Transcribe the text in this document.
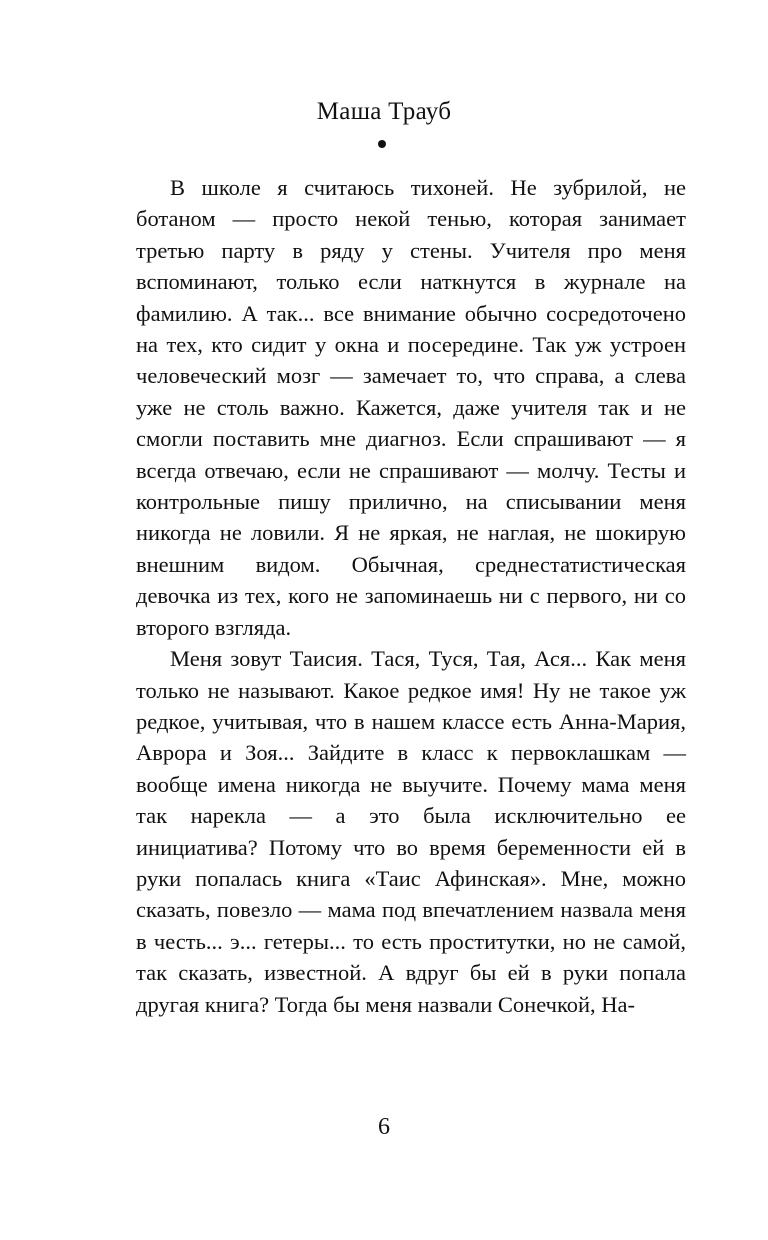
Маша Трауб

В школе я считаюсь тихоней. Не зубрилой, не ботаном — просто некой тенью, которая занимает третью парту в ряду у стены. Учителя про меня вспоминают, только если наткнутся в журнале на фамилию. А так... все внимание обычно сосредоточено на тех, кто сидит у окна и посередине. Так уж устроен человеческий мозг — замечает то, что справа, а слева уже не столь важно. Кажется, даже учителя так и не смогли поставить мне диагноз. Если спрашивают — я всегда отвечаю, если не спрашивают — молчу. Тесты и контрольные пишу прилично, на списывании меня никогда не ловили. Я не яркая, не наглая, не шокирую внешним видом. Обычная, среднестатистическая девочка из тех, кого не запоминаешь ни с первого, ни со второго взгляда.

Меня зовут Таисия. Тася, Туся, Тая, Ася... Как меня только не называют. Какое редкое имя! Ну не такое уж редкое, учитывая, что в нашем классе есть Анна-Мария, Аврора и Зоя... Зайдите в класс к первоклашкам — вообще имена никогда не выучите. Почему мама меня так нарекла — а это была исключительно ее инициатива? Потому что во время беременности ей в руки попалась книга «Таис Афинская». Мне, можно сказать, повезло — мама под впечатлением назвала меня в честь... э... гетеры... то есть проститутки, но не самой, так сказать, известной. А вдруг бы ей в руки попала другая книга? Тогда бы меня назвали Сонечкой, На-

6
